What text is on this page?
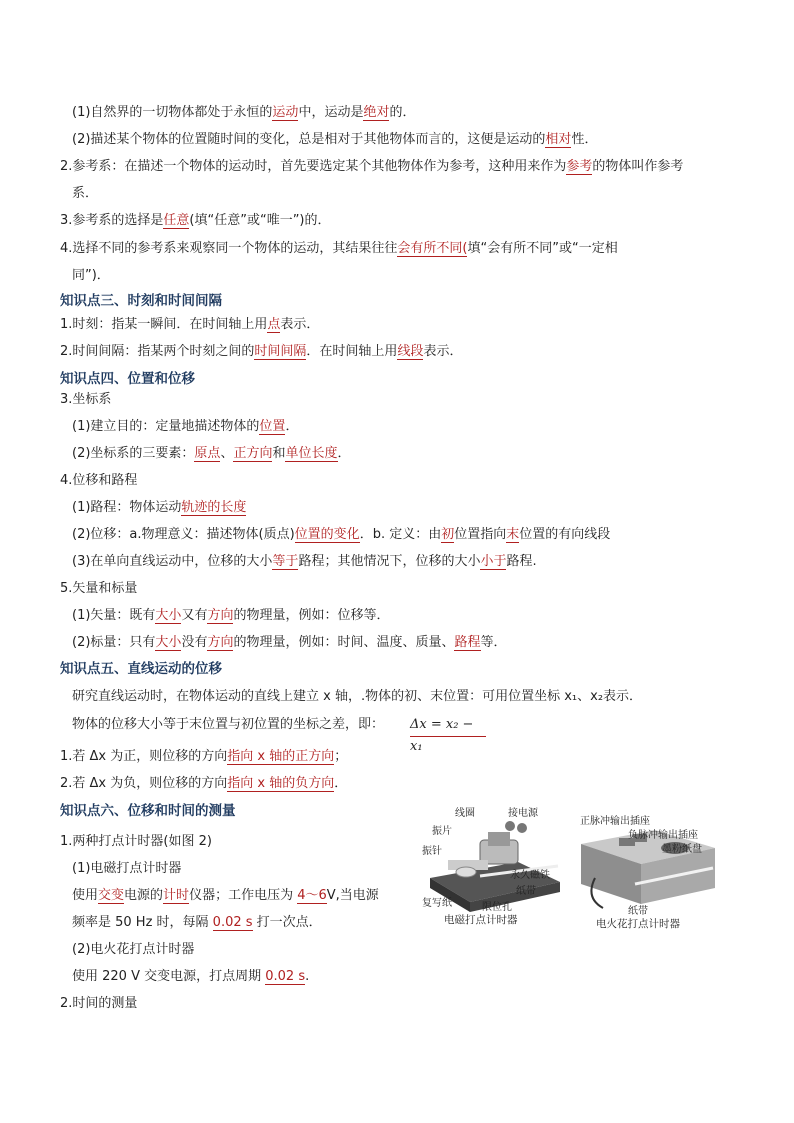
(1)自然界的一切物体都处于永恒的运动中，运动是绝对的．
(2)描述某个物体的位置随时间的变化，总是相对于其他物体而言的，这便是运动的相对性．
2.参考系：在描述一个物体的运动时，首先要选定某个其他物体作为参考，这种用来作为参考的物体叫作参考
系．
3.参考系的选择是任意(填“任意”或“唯一”)的．
4.选择不同的参考系来观察同一个物体的运动，其结果往往会有所不同(填“会有所不同”或“一定相
同”)．
知识点三、时刻和时间间隔
1.时刻：指某一瞬间．在时间轴上用点表示．
2.时间间隔：指某两个时刻之间的时间间隔．在时间轴上用线段表示．
知识点四、位置和位移
3.坐标系
(1)建立目的：定量地描述物体的位置．
(2)坐标系的三要素：原点、正方向和单位长度．
4.位移和路程
(1)路程：物体运动轨迹的长度
(2)位移：a.物理意义：描述物体(质点)位置的变化．b. 定义：由初位置指向末位置的有向线段
(3)在单向直线运动中，位移的大小等于路程；其他情况下，位移的大小小于路程.
5.矢量和标量
(1)矢量：既有大小又有方向的物理量，例如：位移等．
(2)标量：只有大小没有方向的物理量，例如：时间、温度、质量、路程等．
知识点五、直线运动的位移
研究直线运动时，在物体运动的直线上建立 x 轴，.物体的初、末位置：可用位置坐标 x₁、x₂表示．
物体的位移大小等于末位置与初位置的坐标之差，即：
1.若 Δx 为正，则位移的方向指向 x 轴的正方向；
2.若 Δx 为负，则位移的方向指向 x 轴的负方向．
知识点六、位移和时间的测量
1.两种打点计时器(如图 2)
(1)电磁打点计时器
使用交变电源的计时仪器；工作电压为 4～6V,当电源
频率是 50 Hz 时，每隔 0.02 s 打一次点．
(2)电火花打点计时器
使用 220 V 交变电源，打点周期 0.02 s.
2.时间的测量
Δx = x₂ − x₁
线圈	接电源
振片
振针
永久磁铁
纸带
复写纸	限位孔
电磁打点计时器
正脉冲输出插座
负脉冲输出插座
墨粉纸盘
纸带
电火花打点计时器
